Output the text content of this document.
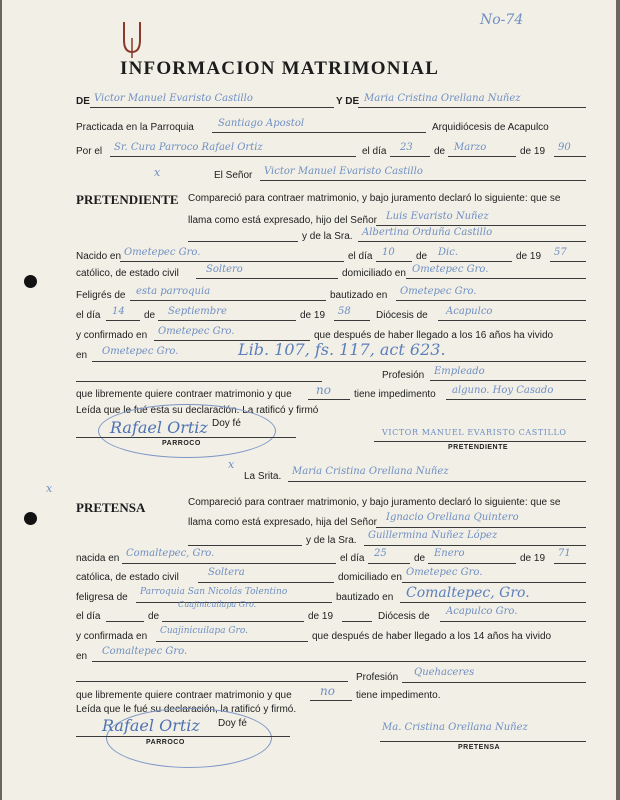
No-74
INFORMACION MATRIMONIAL
DE Victor Manuel Evaristo Castillo	Y DE Maria Cristina Orellana Nuñez
Practicada en la Parroquia Santiago Apostol	Arquidiócesis de Acapulco
Por el Sr. Cura Parroco Rafael Ortiz	el día 23 de Marzo	de 19 90
x	El Señor Victor Manuel Evaristo Castillo
PRETENDIENTE Compareció para contraer matrimonio, y bajo juramento declaró lo siguiente: que se
llama como está expresado, hijo del Señor Luis Evaristo Nuñez
y de la Sra. Albertina Orduña Castillo
Nacido en Ometepec Gro.	el día 10 de Dic.	de 19 57
católico, de estado civil	Soltero	domiciliado en Ometepec Gro.
Feligrés de esta parroquia	bautizado en Ometepec Gro.
el día 14 de Septiembre	de 19 58	Diócesis de Acapulco
y confirmado en Ometepec Gro.	que después de haber llegado a los 16 años ha vivido
en Ometepec Gro.	Lib. 107, fs. 117, act 623.
Profesión Empleado
que libremente quiere contraer matrimonio y que no tiene impedimento alguno. Hoy Casado
Leída que le fué esta su declaración. La ratificó y firmó
Doy fé
Rafael Ortiz
PARROCO
VICTOR MANUEL EVARISTO CASTILLO
PRETENDIENTE
x
La Srita. Maria Cristina Orellana Nuñez
x
PRETENSA	Compareció para contraer matrimonio, y bajo juramento declaró lo siguiente: que se
llama como está expresado, hija del Señor Ignacio Orellana Quintero
y de la Sra. Guillermina Nuñez López
nacida en Comaltepec, Gro.	el día 25	de Enero	de 19 71
católica, de estado civil	Soltera	domiciliado en Ometepec Gro.
feligresa de Parroquia San Nicolás Tolentino	bautizado en Comaltepec, Gro.
el día	de
Cuajinicuilapa Gro.
de 19	Diócesis de Acapulco Gro.
y confirmada en Cuajinicuilapa Gro.	que después de haber llegado a los 14 años ha vivido
en Comaltepec Gro.
Profesión Quehaceres
que libremente quiere contraer matrimonio y que no tiene impedimento.
Leída que le fué su declaración, la ratificó y firmó.
Doy fé
Rafael Ortiz
PARROCO
Ma. Cristina Orellana Nuñez
PRETENSA
